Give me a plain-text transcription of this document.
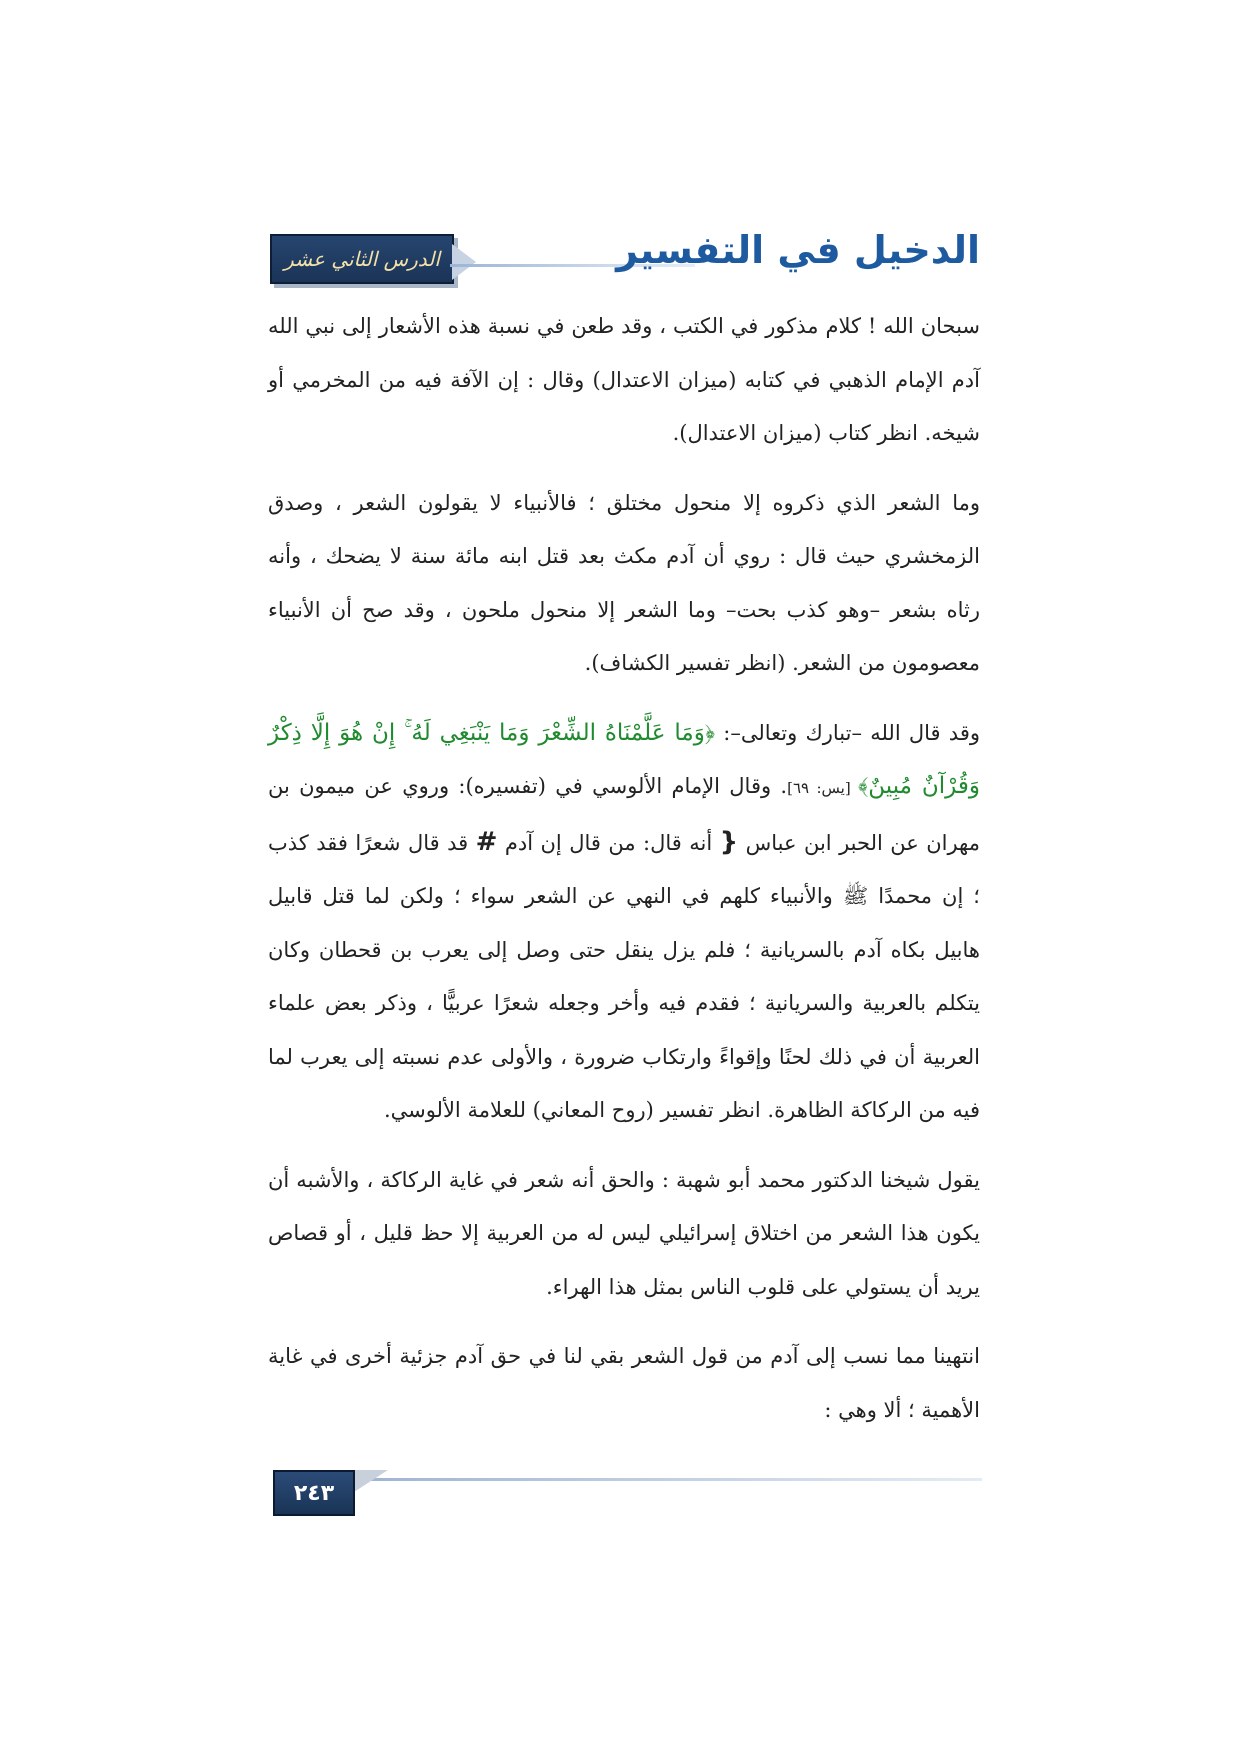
الدرس الثاني عشر	الدخيل في التفسير

سبحان الله ! كلام مذكور في الكتب ، وقد طعن في نسبة هذه الأشعار إلى نبي الله آدم الإمام الذهبي في كتابه (ميزان الاعتدال) وقال : إن الآفة فيه من المخرمي أو شيخه. انظر كتاب (ميزان الاعتدال).

وما الشعر الذي ذكروه إلا منحول مختلق ؛ فالأنبياء لا يقولون الشعر ، وصدق الزمخشري حيث قال : روي أن آدم مكث بعد قتل ابنه مائة سنة لا يضحك ، وأنه رثاه بشعر –وهو كذب بحت– وما الشعر إلا منحول ملحون ، وقد صح أن الأنبياء معصومون من الشعر. (انظر تفسير الكشاف).

وقد قال الله –تبارك وتعالى–: ﴿وَمَا عَلَّمْنَاهُ الشِّعْرَ وَمَا يَنْبَغِي لَهُ ۚ إِنْ هُوَ إِلَّا ذِكْرٌ وَقُرْآنٌ مُبِينٌ﴾ [يس: ٦٩]. وقال الإمام الألوسي في (تفسيره): وروي عن ميمون بن مهران عن الحبر ابن عباس { أنه قال: من قال إن آدم # قد قال شعرًا فقد كذب ؛ إن محمدًا ﷺ والأنبياء كلهم في النهي عن الشعر سواء ؛ ولكن لما قتل قابيل هابيل بكاه آدم بالسريانية ؛ فلم يزل ينقل حتى وصل إلى يعرب بن قحطان وكان يتكلم بالعربية والسريانية ؛ فقدم فيه وأخر وجعله شعرًا عربيًّا ، وذكر بعض علماء العربية أن في ذلك لحنًا وإقواءً وارتكاب ضرورة ، والأولى عدم نسبته إلى يعرب لما فيه من الركاكة الظاهرة. انظر تفسير (روح المعاني) للعلامة الألوسي.

يقول شيخنا الدكتور محمد أبو شهبة : والحق أنه شعر في غاية الركاكة ، والأشبه أن يكون هذا الشعر من اختلاق إسرائيلي ليس له من العربية إلا حظ قليل ، أو قصاص يريد أن يستولي على قلوب الناس بمثل هذا الهراء.

انتهينا مما نسب إلى آدم من قول الشعر بقي لنا في حق آدم جزئية أخرى في غاية الأهمية ؛ ألا وهي :

٢٤٣
